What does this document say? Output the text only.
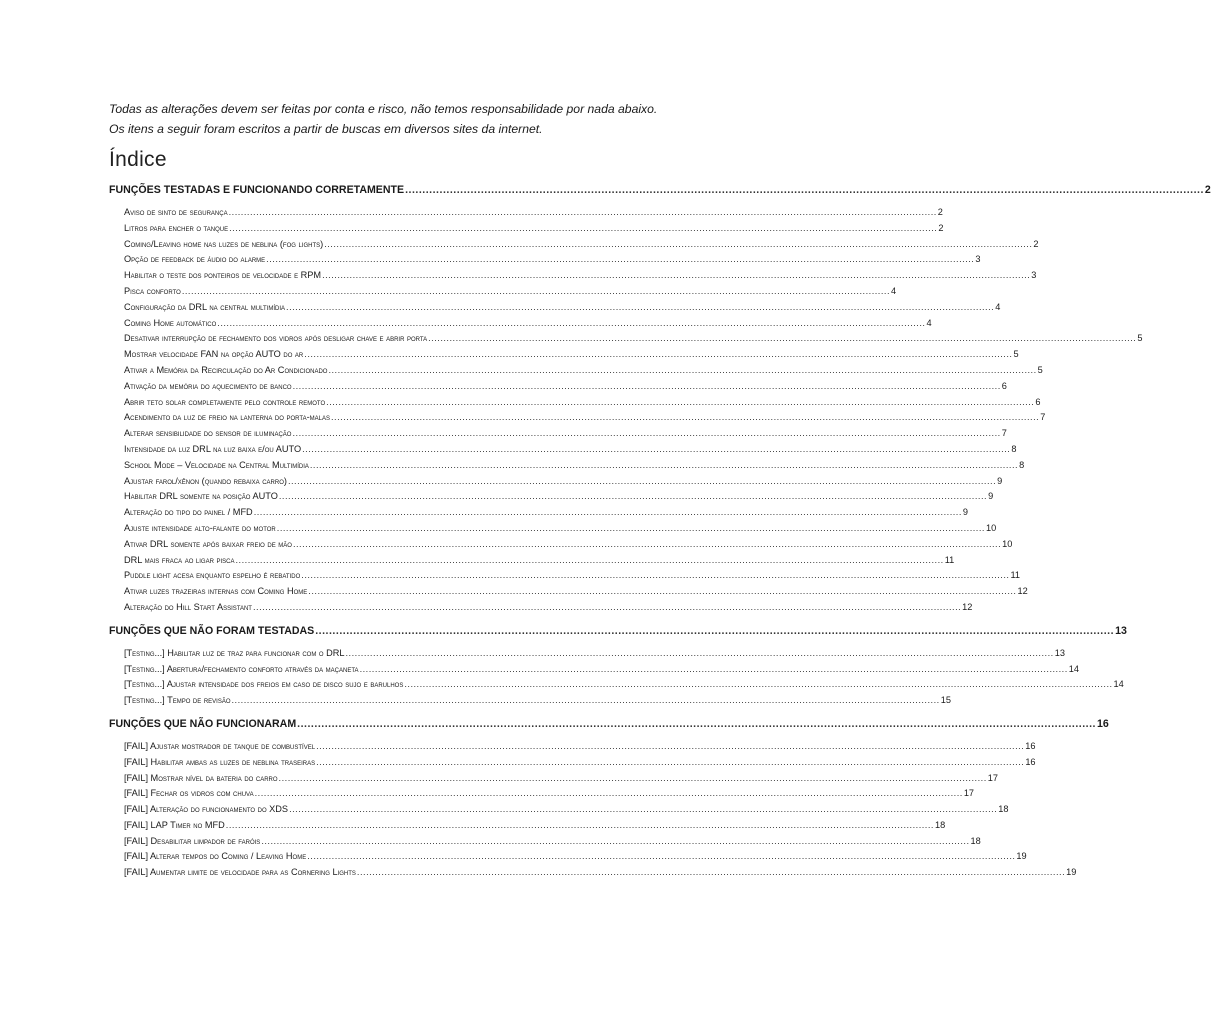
Todas as alterações devem ser feitas por conta e risco, não temos responsabilidade por nada abaixo. Os itens a seguir foram escritos a partir de buscas em diversos sites da internet.

Índice
FUNÇÕES TESTADAS E FUNCIONANDO CORRETAMENTE .....	2
Aviso de sinto de segurança .....	2
Litros para encher o tanque .....	2
Coming/Leaving home nas luzes de neblina (fog lights) .....	2
Opção de feedback de áudio do alarme .....	3
Habilitar o teste dos ponteiros de velocidade e RPM .....	3
Pisca conforto .....	4
Configuração da DRL na central multimídia .....	4
Coming Home automático .....	4
Desativar interrupção de fechamento dos vidros após desligar chave e abrir porta .....	5
Mostrar velocidade FAN na opção AUTO do ar .....	5
Ativar a Memória da Recirculação do Ar Condicionado .....	5
Ativação da memória do aquecimento de banco .....	6
Abrir teto solar completamente pelo controle remoto .....	6
Acendimento da luz de freio na lanterna do porta-malas .....	7
Alterar sensibilidade do sensor de iluminação .....	7
Intensidade da luz DRL na luz baixa e/ou AUTO .....	8
School Mode – Velocidade na Central Multimídia .....	8
Ajustar farol/xênon (quando rebaixa carro) .....	9
Habilitar DRL somente na posição AUTO .....	9
Alteração do tipo do painel / MFD .....	9
Ajuste intensidade alto-falante do motor .....	10
Ativar DRL somente após baixar freio de mão .....	10
DRL mais fraca ao ligar pisca .....	11
Puddle light acesa enquanto espelho é rebatido .....	11
Ativar luzes trazeiras internas com Coming Home .....	12
Alteração do Hill Start Assistant .....	12
FUNÇÕES QUE NÃO FORAM TESTADAS .....	13
[Testing...] Habilitar luz de traz para funcionar com o DRL .....	13
[Testing...] Abertura/fechamento conforto através da maçaneta .....	14
[Testing...] Ajustar intensidade dos freios em caso de disco sujo e barulhos .....	14
[Testing...] Tempo de revisão .....	15
FUNÇÕES QUE NÃO FUNCIONARAM .....	16
[FAIL] Ajustar mostrador de tanque de combustível .....	16
[FAIL] Habilitar ambas as luzes de neblina traseiras .....	16
[FAIL] Mostrar nível da bateria do carro .....	17
[FAIL] Fechar os vidros com chuva .....	17
[FAIL] Alteração do funcionamento do XDS .....	18
[FAIL] LAP Timer no MFD .....	18
[FAIL] Desabilitar limpador de faróis .....	18
[FAIL] Alterar tempos do Coming / Leaving Home .....	19
[FAIL] Aumentar limite de velocidade para as Cornering Lights .....	19
